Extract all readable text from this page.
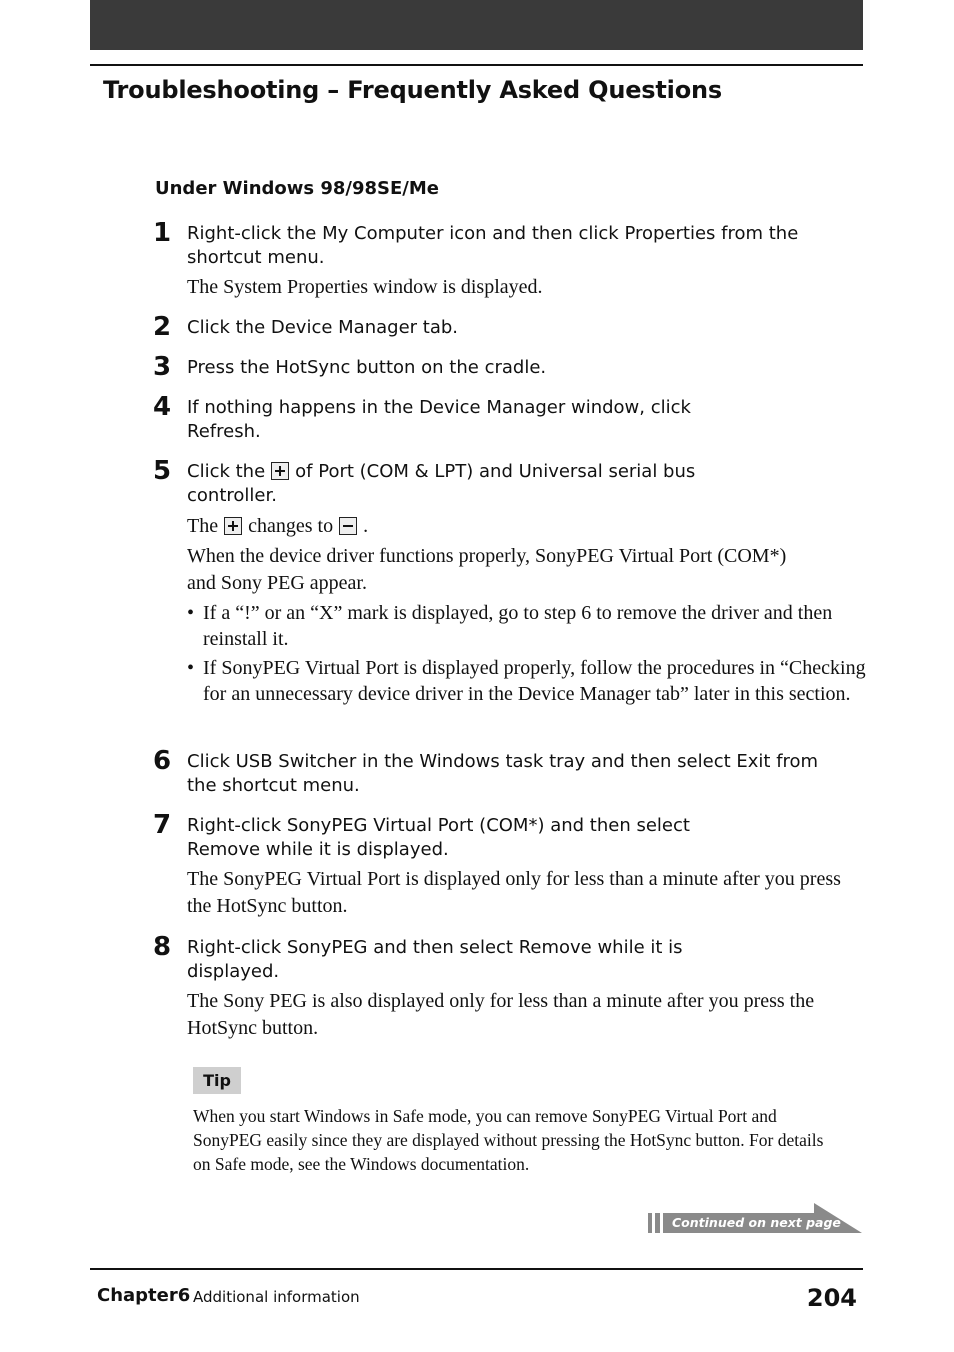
Troubleshooting – Frequently Asked Questions
Under Windows 98/98SE/Me
1 Right-click the My Computer icon and then click Properties from the shortcut menu.
The System Properties window is displayed.
2 Click the Device Manager tab.
3 Press the HotSync button on the cradle.
4 If nothing happens in the Device Manager window, click Refresh.
5 Click the of Port (COM & LPT) and Universal serial bus controller.
The changes to .
When the device driver functions properly, SonyPEG Virtual Port (COM*) and Sony PEG appear.
• If a “!” or an “X” mark is displayed, go to step 6 to remove the driver and then reinstall it.
• If SonyPEG Virtual Port is displayed properly, follow the procedures in “Checking for an unnecessary device driver in the Device Manager tab” later in this section.
6 Click USB Switcher in the Windows task tray and then select Exit from the shortcut menu.
7 Right-click SonyPEG Virtual Port (COM*) and then select Remove while it is displayed.
The SonyPEG Virtual Port is displayed only for less than a minute after you press the HotSync button.
8 Right-click SonyPEG and then select Remove while it is displayed.
The Sony PEG is also displayed only for less than a minute after you press the HotSync button.
Tip
When you start Windows in Safe mode, you can remove SonyPEG Virtual Port and SonyPEG easily since they are displayed without pressing the HotSync button. For details on Safe mode, see the Windows documentation.
Continued on next page
Chapter6 Additional information	204
